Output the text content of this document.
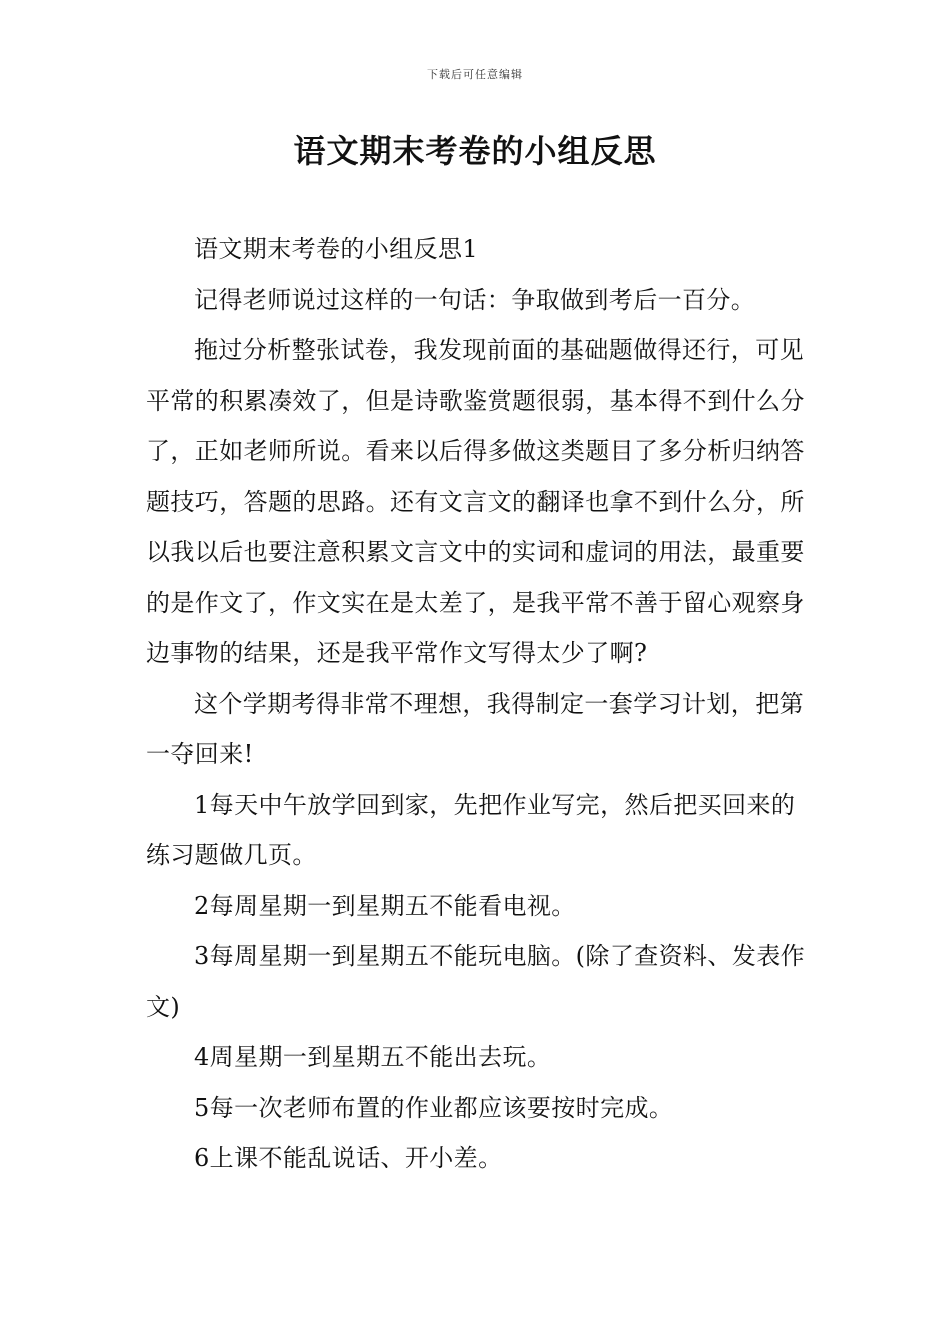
下载后可任意编辑
语文期末考卷的小组反思

语文期末考卷的小组反思1

记得老师说过这样的一句话：争取做到考后一百分。

拖过分析整张试卷，我发现前面的基础题做得还行，可见平常的积累凑效了，但是诗歌鉴赏题很弱，基本得不到什么分了，正如老师所说。看来以后得多做这类题目了多分析归纳答题技巧，答题的思路。还有文言文的翻译也拿不到什么分，所以我以后也要注意积累文言文中的实词和虚词的用法，最重要的是作文了，作文实在是太差了，是我平常不善于留心观察身边事物的结果，还是我平常作文写得太少了啊?

这个学期考得非常不理想，我得制定一套学习计划，把第一夺回来!

1每天中午放学回到家，先把作业写完，然后把买回来的练习题做几页。

2每周星期一到星期五不能看电视。

3每周星期一到星期五不能玩电脑。(除了查资料、发表作文)

4周星期一到星期五不能出去玩。

5每一次老师布置的作业都应该要按时完成。

6上课不能乱说话、开小差。
